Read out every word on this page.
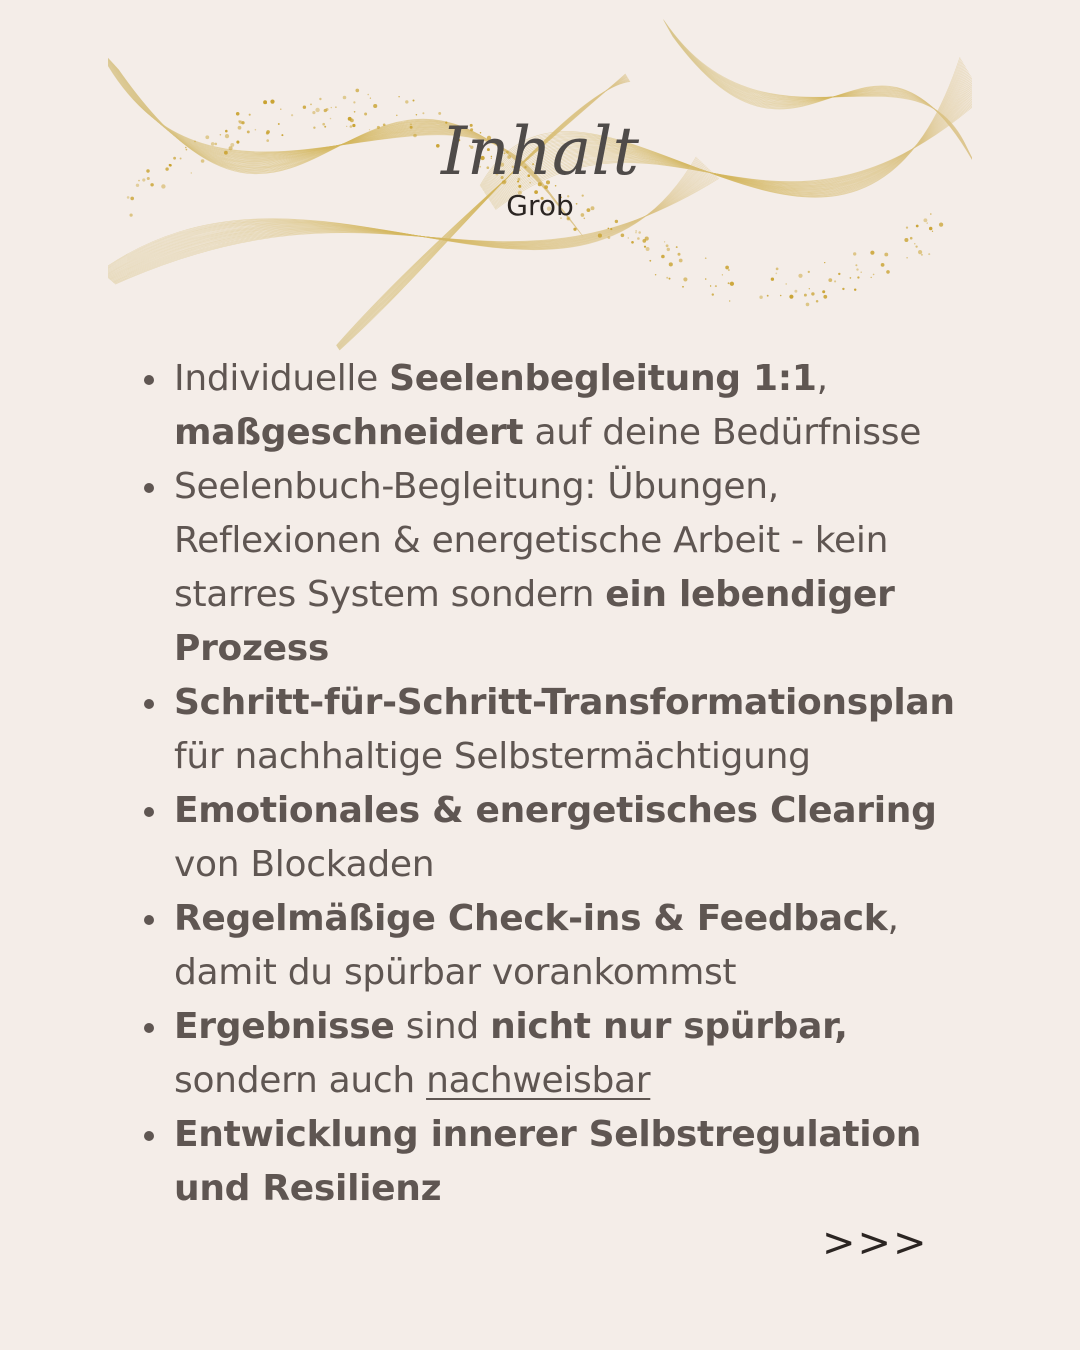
Inhalt
Grob
Individuelle Seelenbegleitung 1:1,
maßgeschneidert auf deine Bedürfnisse
Seelenbuch-Begleitung: Übungen, Reflexionen & energetische Arbeit - kein starres System sondern ein lebendiger Prozess
Schritt-für-Schritt-Transformationsplan
für nachhaltige Selbstermächtigung
Emotionales & energetisches Clearing
von Blockaden
Regelmäßige Check-ins & Feedback,
damit du spürbar vorankommst
Ergebnisse sind nicht nur spürbar,
sondern auch nachweisbar
Entwicklung innerer Selbstregulation und Resilienz
>>>
